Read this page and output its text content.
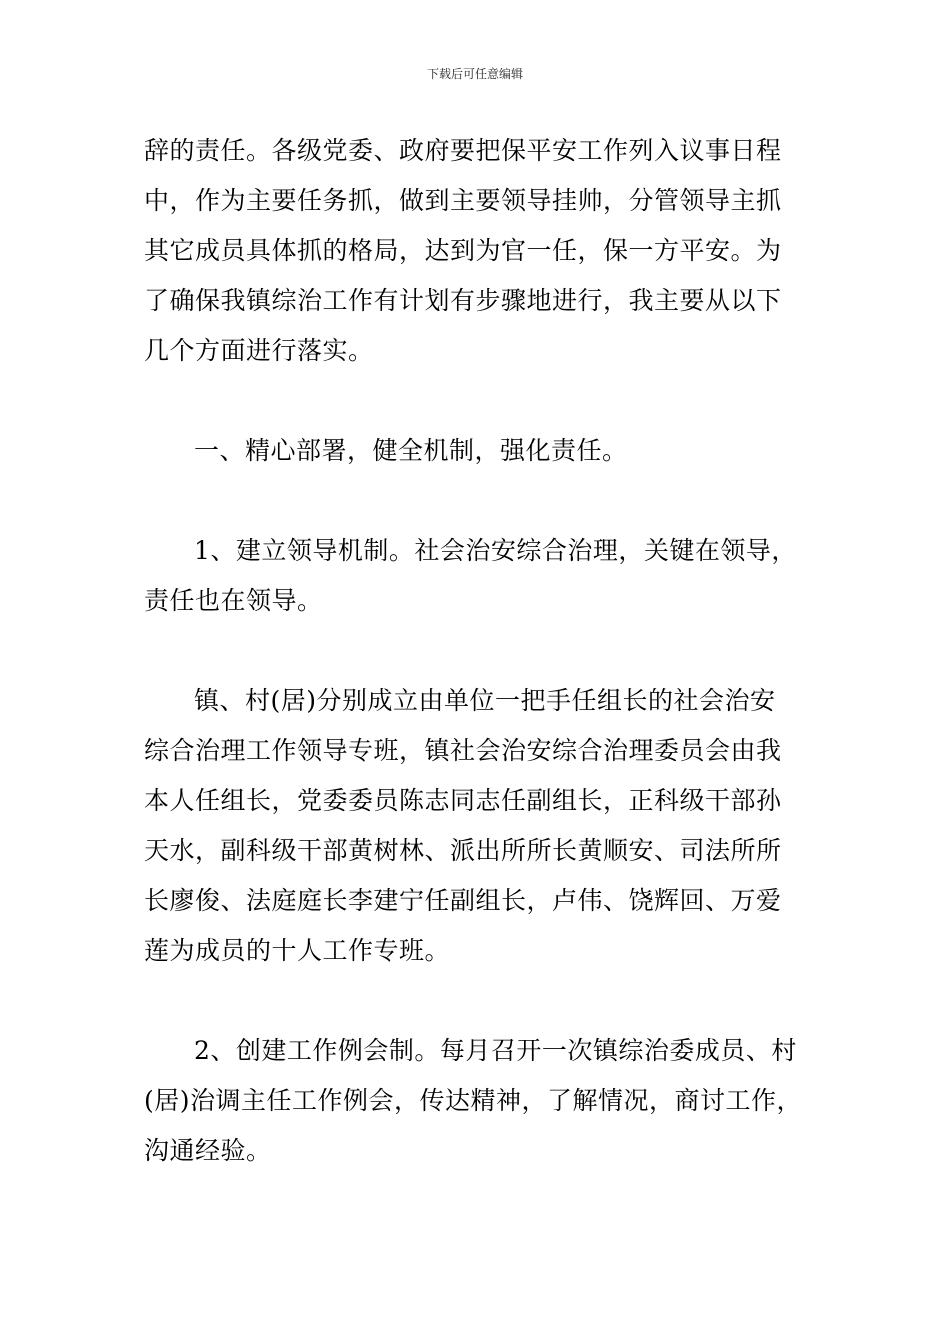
下载后可任意编辑
辞的责任。各级党委、政府要把保平安工作列入议事日程
中，作为主要任务抓，做到主要领导挂帅，分管领导主抓
其它成员具体抓的格局，达到为官一任，保一方平安。为
了确保我镇综治工作有计划有步骤地进行，我主要从以下
几个方面进行落实。
一、精心部署，健全机制，强化责任。
1、建立领导机制。社会治安综合治理，关键在领导，
责任也在领导。
镇、村(居)分别成立由单位一把手任组长的社会治安
综合治理工作领导专班，镇社会治安综合治理委员会由我
本人任组长，党委委员陈志同志任副组长，正科级干部孙
天水，副科级干部黄树林、派出所所长黄顺安、司法所所
长廖俊、法庭庭长李建宁任副组长，卢伟、饶辉回、万爱
莲为成员的十人工作专班。
2、创建工作例会制。每月召开一次镇综治委成员、村
(居)治调主任工作例会，传达精神，了解情况，商讨工作，
沟通经验。
